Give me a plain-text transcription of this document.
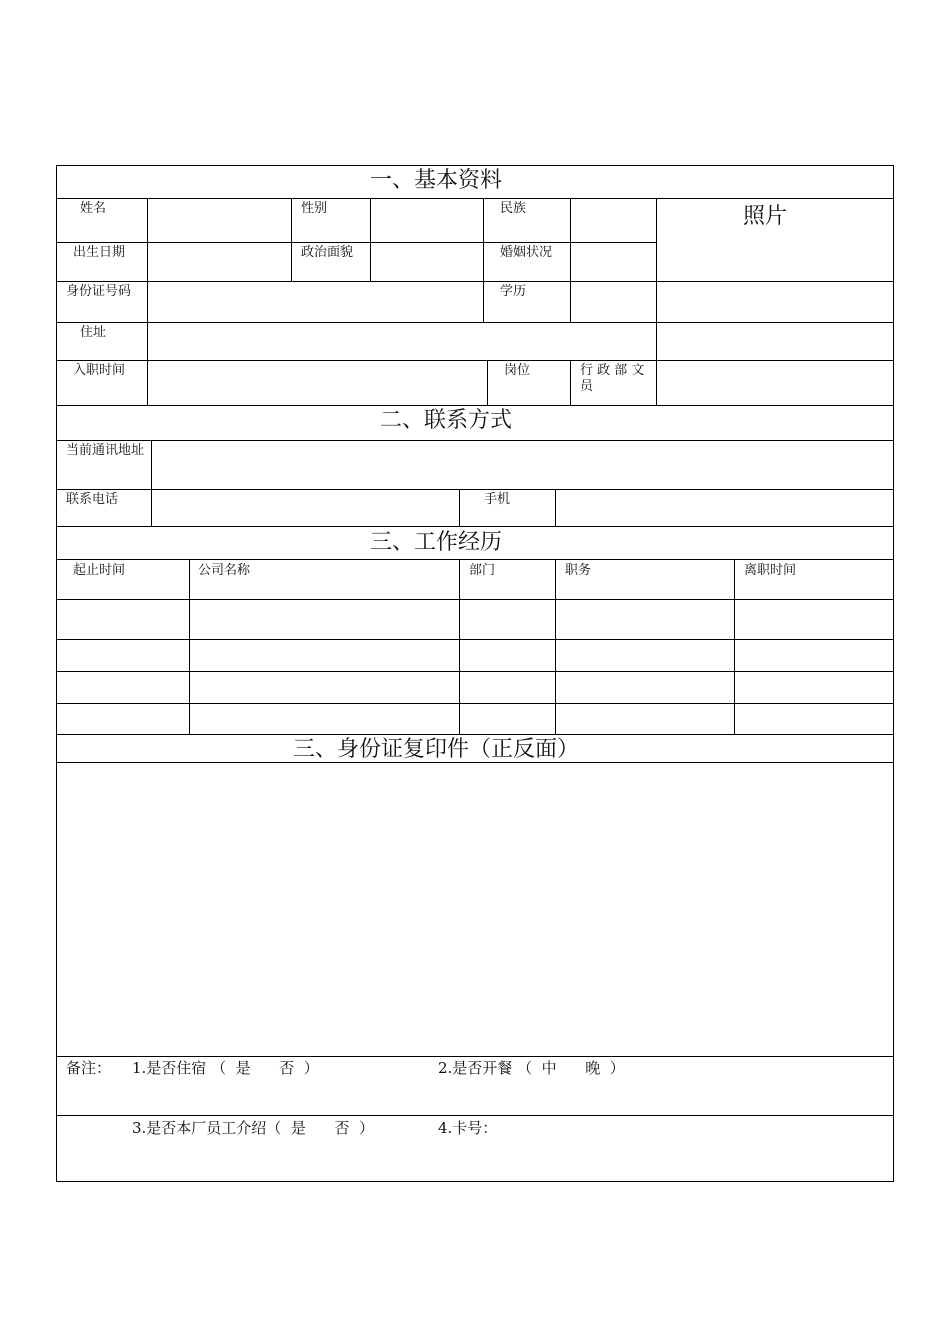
一、基本资料
二、联系方式
三、工作经历
三、身份证复印件（正反面）
姓名	性别	民族	照片
出生日期	政治面貌	婚姻状况
身份证号码	学历
住址
入职时间	岗位	行 政 部 文 员
当前通讯地址
联系电话	手机
起止时间	公司名称	部门	职务	离职时间
备注： 1.是否住宿 （  是      否  ）	2.是否开餐 （  中      晚  ）
3.是否本厂员工介绍（  是      否  ）	4.卡号：
